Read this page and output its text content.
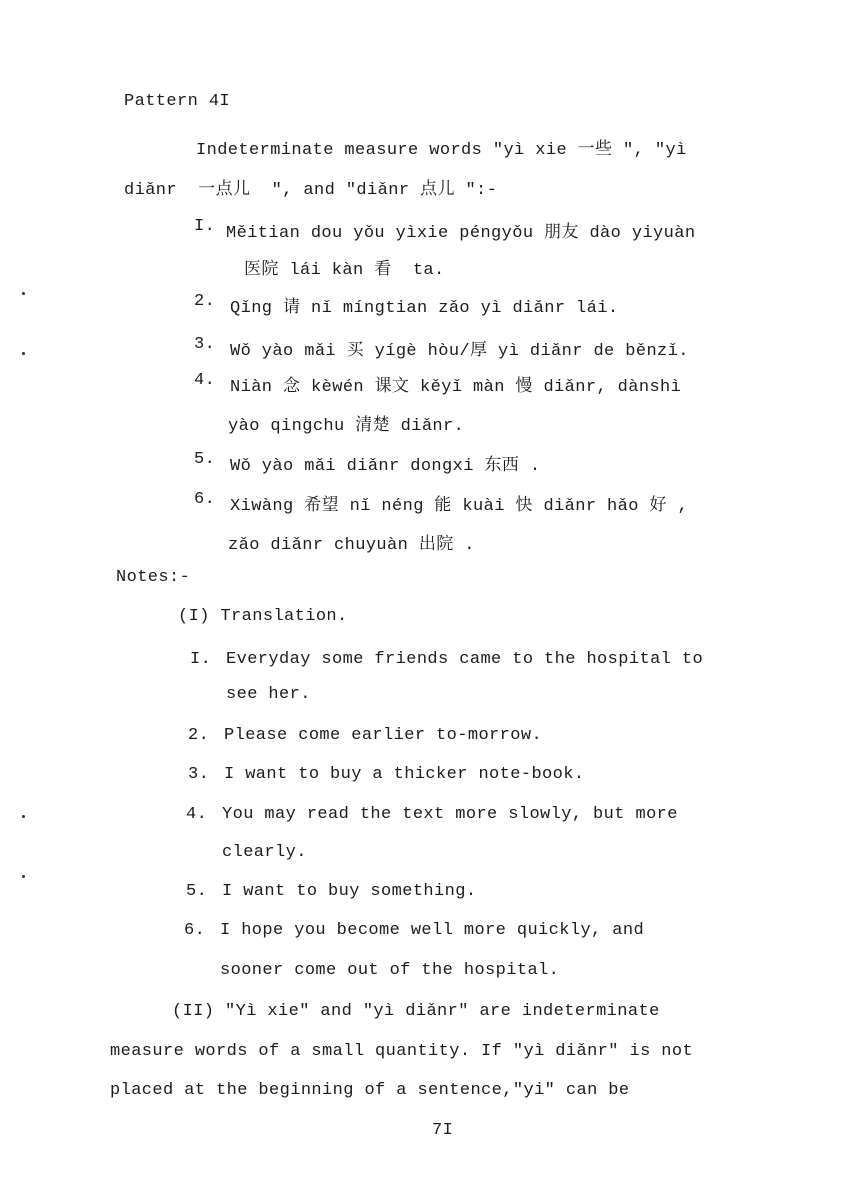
Pattern 4I
Indeterminate measure words "yì xie 一些 ", "yì
diǎnr  一点儿  ", and "diǎnr 点儿 ":-
I. Měitian dou yǒu yìxie péngyǒu 朋友 dào yiyuàn
医院 lái kàn 看  ta.
2. Qǐng 请 nǐ míngtian zǎo yì diǎnr lái.
3. Wǒ yào mǎi 买 yígè hòu/厚 yì diǎnr de běnzǐ.
4. Niàn 念 kèwén 课文 kěyǐ màn 慢 diǎnr, dànshì
yào qingchu 清楚 diǎnr.
5. Wǒ yào mǎi diǎnr dongxi 东西 .
6. Xiwàng 希望 nǐ néng 能 kuài 快 diǎnr hǎo 好 ,
zǎo diǎnr chuyuàn 出院 .
Notes:-
(I) Translation.
I. Everyday some friends came to the hospital to
see her.
2. Please come earlier to-morrow.
3. I want to buy a thicker note-book.
4. You may read the text more slowly, but more
clearly.
5. I want to buy something.
6. I hope you become well more quickly, and
sooner come out of the hospital.
(II) "Yì xie" and "yì diǎnr" are indeterminate
measure words of a small quantity. If "yì diǎnr" is not
placed at the beginning of a sentence,"yi" can be
7I
